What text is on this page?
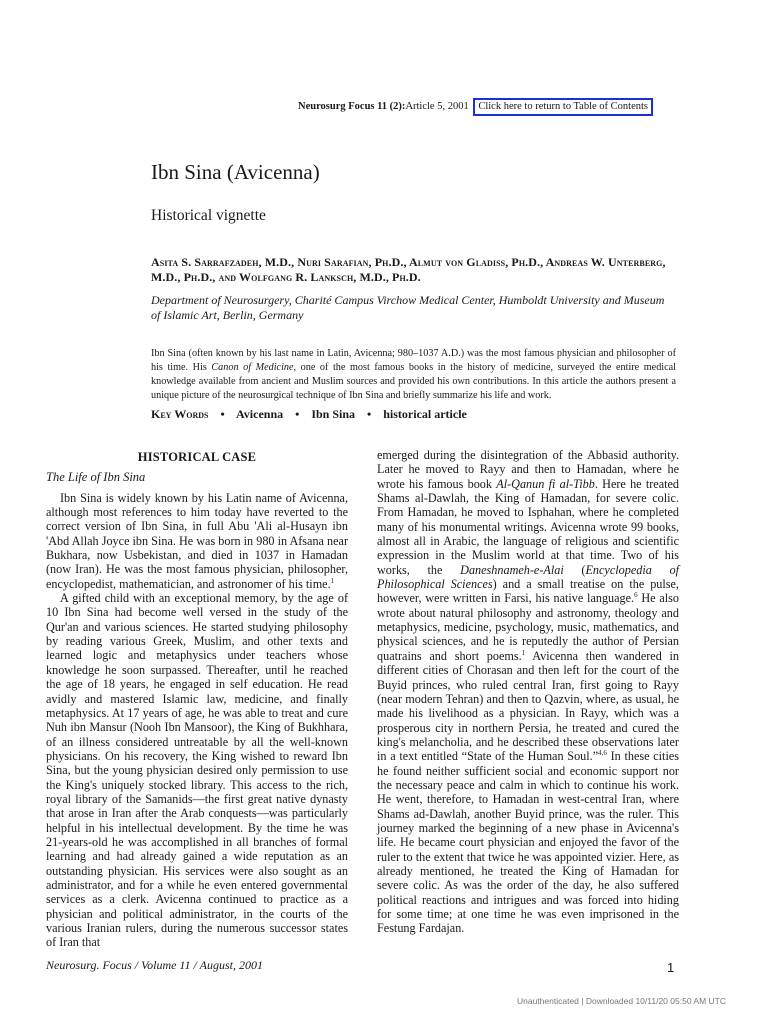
Neurosurg Focus 11 (2):Article 5, 2001 Click here to return to Table of Contents
Ibn Sina (Avicenna)
Historical vignette
Asita S. Sarrafzadeh, M.D., Nuri Sarafian, Ph.D., Almut von Gladiss, Ph.D., Andreas W. Unterberg, M.D., Ph.D., and Wolfgang R. Lanksch, M.D., Ph.D.
Department of Neurosurgery, Charité Campus Virchow Medical Center, Humboldt University and Museum of Islamic Art, Berlin, Germany
Ibn Sina (often known by his last name in Latin, Avicenna; 980–1037 A.D.) was the most famous physician and philosopher of his time. His Canon of Medicine, one of the most famous books in the history of medicine, surveyed the entire medical knowledge available from ancient and Muslim sources and provided his own contributions. In this article the authors present a unique picture of the neurosurgical technique of Ibn Sina and briefly summarize his life and work.
Key Words • Avicenna • Ibn Sina • historical article
HISTORICAL CASE
The Life of Ibn Sina

Ibn Sina is widely known by his Latin name of Avicenna, although most references to him today have reverted to the correct version of Ibn Sina, in full Abu 'Ali al-Husayn ibn 'Abd Allah Joyce ibn Sina. He was born in 980 in Afsana near Bukhara, now Usbekistan, and died in 1037 in Hamadan (now Iran). He was the most famous physician, philosopher, encyclopedist, mathematician, and astronomer of his time.$^1$

A gifted child with an exceptional memory, by the age of 10 Ibn Sina had become well versed in the study of the Qur'an and various sciences. He started studying philosophy by reading various Greek, Muslim, and other texts and learned logic and metaphysics under teachers whose knowledge he soon surpassed. Thereafter, until he reached the age of 18 years, he engaged in self education. He read avidly and mastered Islamic law, medicine, and finally metaphysics. At 17 years of age, he was able to treat and cure Nuh ibn Mansur (Nooh Ibn Mansoor), the King of Bukhhara, of an illness considered untreatable by all the well-known physicians. On his recovery, the King wished to reward Ibn Sina, but the young physician desired only permission to use the King's uniquely stocked library. This access to the rich, royal library of the Samanids—the first great native dynasty that arose in Iran after the Arab conquests—was particularly helpful in his intellectual development. By the time he was 21-years-old he was accomplished in all branches of formal learning and had already gained a wide reputation as an outstanding physician. His services were also sought as an administrator, and for a while he even entered governmental services as a clerk. Avicenna continued to practice as a physician and political administrator, in the courts of the various Iranian rulers, during the numerous successor states of Iran that

emerged during the disintegration of the Abbasid authority. Later he moved to Rayy and then to Hamadan, where he wrote his famous book Al-Qanun fi al-Tibb. Here he treated Shams al-Dawlah, the King of Hamadan, for severe colic. From Hamadan, he moved to Isphahan, where he completed many of his monumental writings. Avicenna wrote 99 books, almost all in Arabic, the language of religious and scientific expression in the Muslim world at that time. Two of his works, the Daneshnameh-e-Alai (Encyclopedia of Philosophical Sciences) and a small treatise on the pulse, however, were written in Farsi, his native language.$^6$ He also wrote about natural philosophy and astronomy, theology and metaphysics, medicine, psychology, music, mathematics, and physical sciences, and he is reputedly the author of Persian quatrains and short poems.$^1$ Avicenna then wandered in different cities of Chorasan and then left for the court of the Buyid princes, who ruled central Iran, first going to Rayy (near modern Tehran) and then to Qazvin, where, as usual, he made his livelihood as a physician. In Rayy, which was a prosperous city in northern Persia, he treated and cured the king's melancholia, and he described these observations later in a text entitled “State of the Human Soul.”$^{4,6}$ In these cities he found neither sufficient social and economic support nor the necessary peace and calm in which to continue his work. He went, therefore, to Hamadan in west-central Iran, where Shams ad-Dawlah, another Buyid prince, was the ruler. This journey marked the beginning of a new phase in Avicenna's life. He became court physician and enjoyed the favor of the ruler to the extent that twice he was appointed vizier. Here, as already mentioned, he treated the King of Hamadan for severe colic. As was the order of the day, he also suffered political reactions and intrigues and was forced into hiding for some time; at one time he was even imprisoned in the Festung Fardajan.

Neurosurg. Focus / Volume 11 / August, 2001	1
Unauthenticated | Downloaded 10/11/20 05:50 AM UTC
